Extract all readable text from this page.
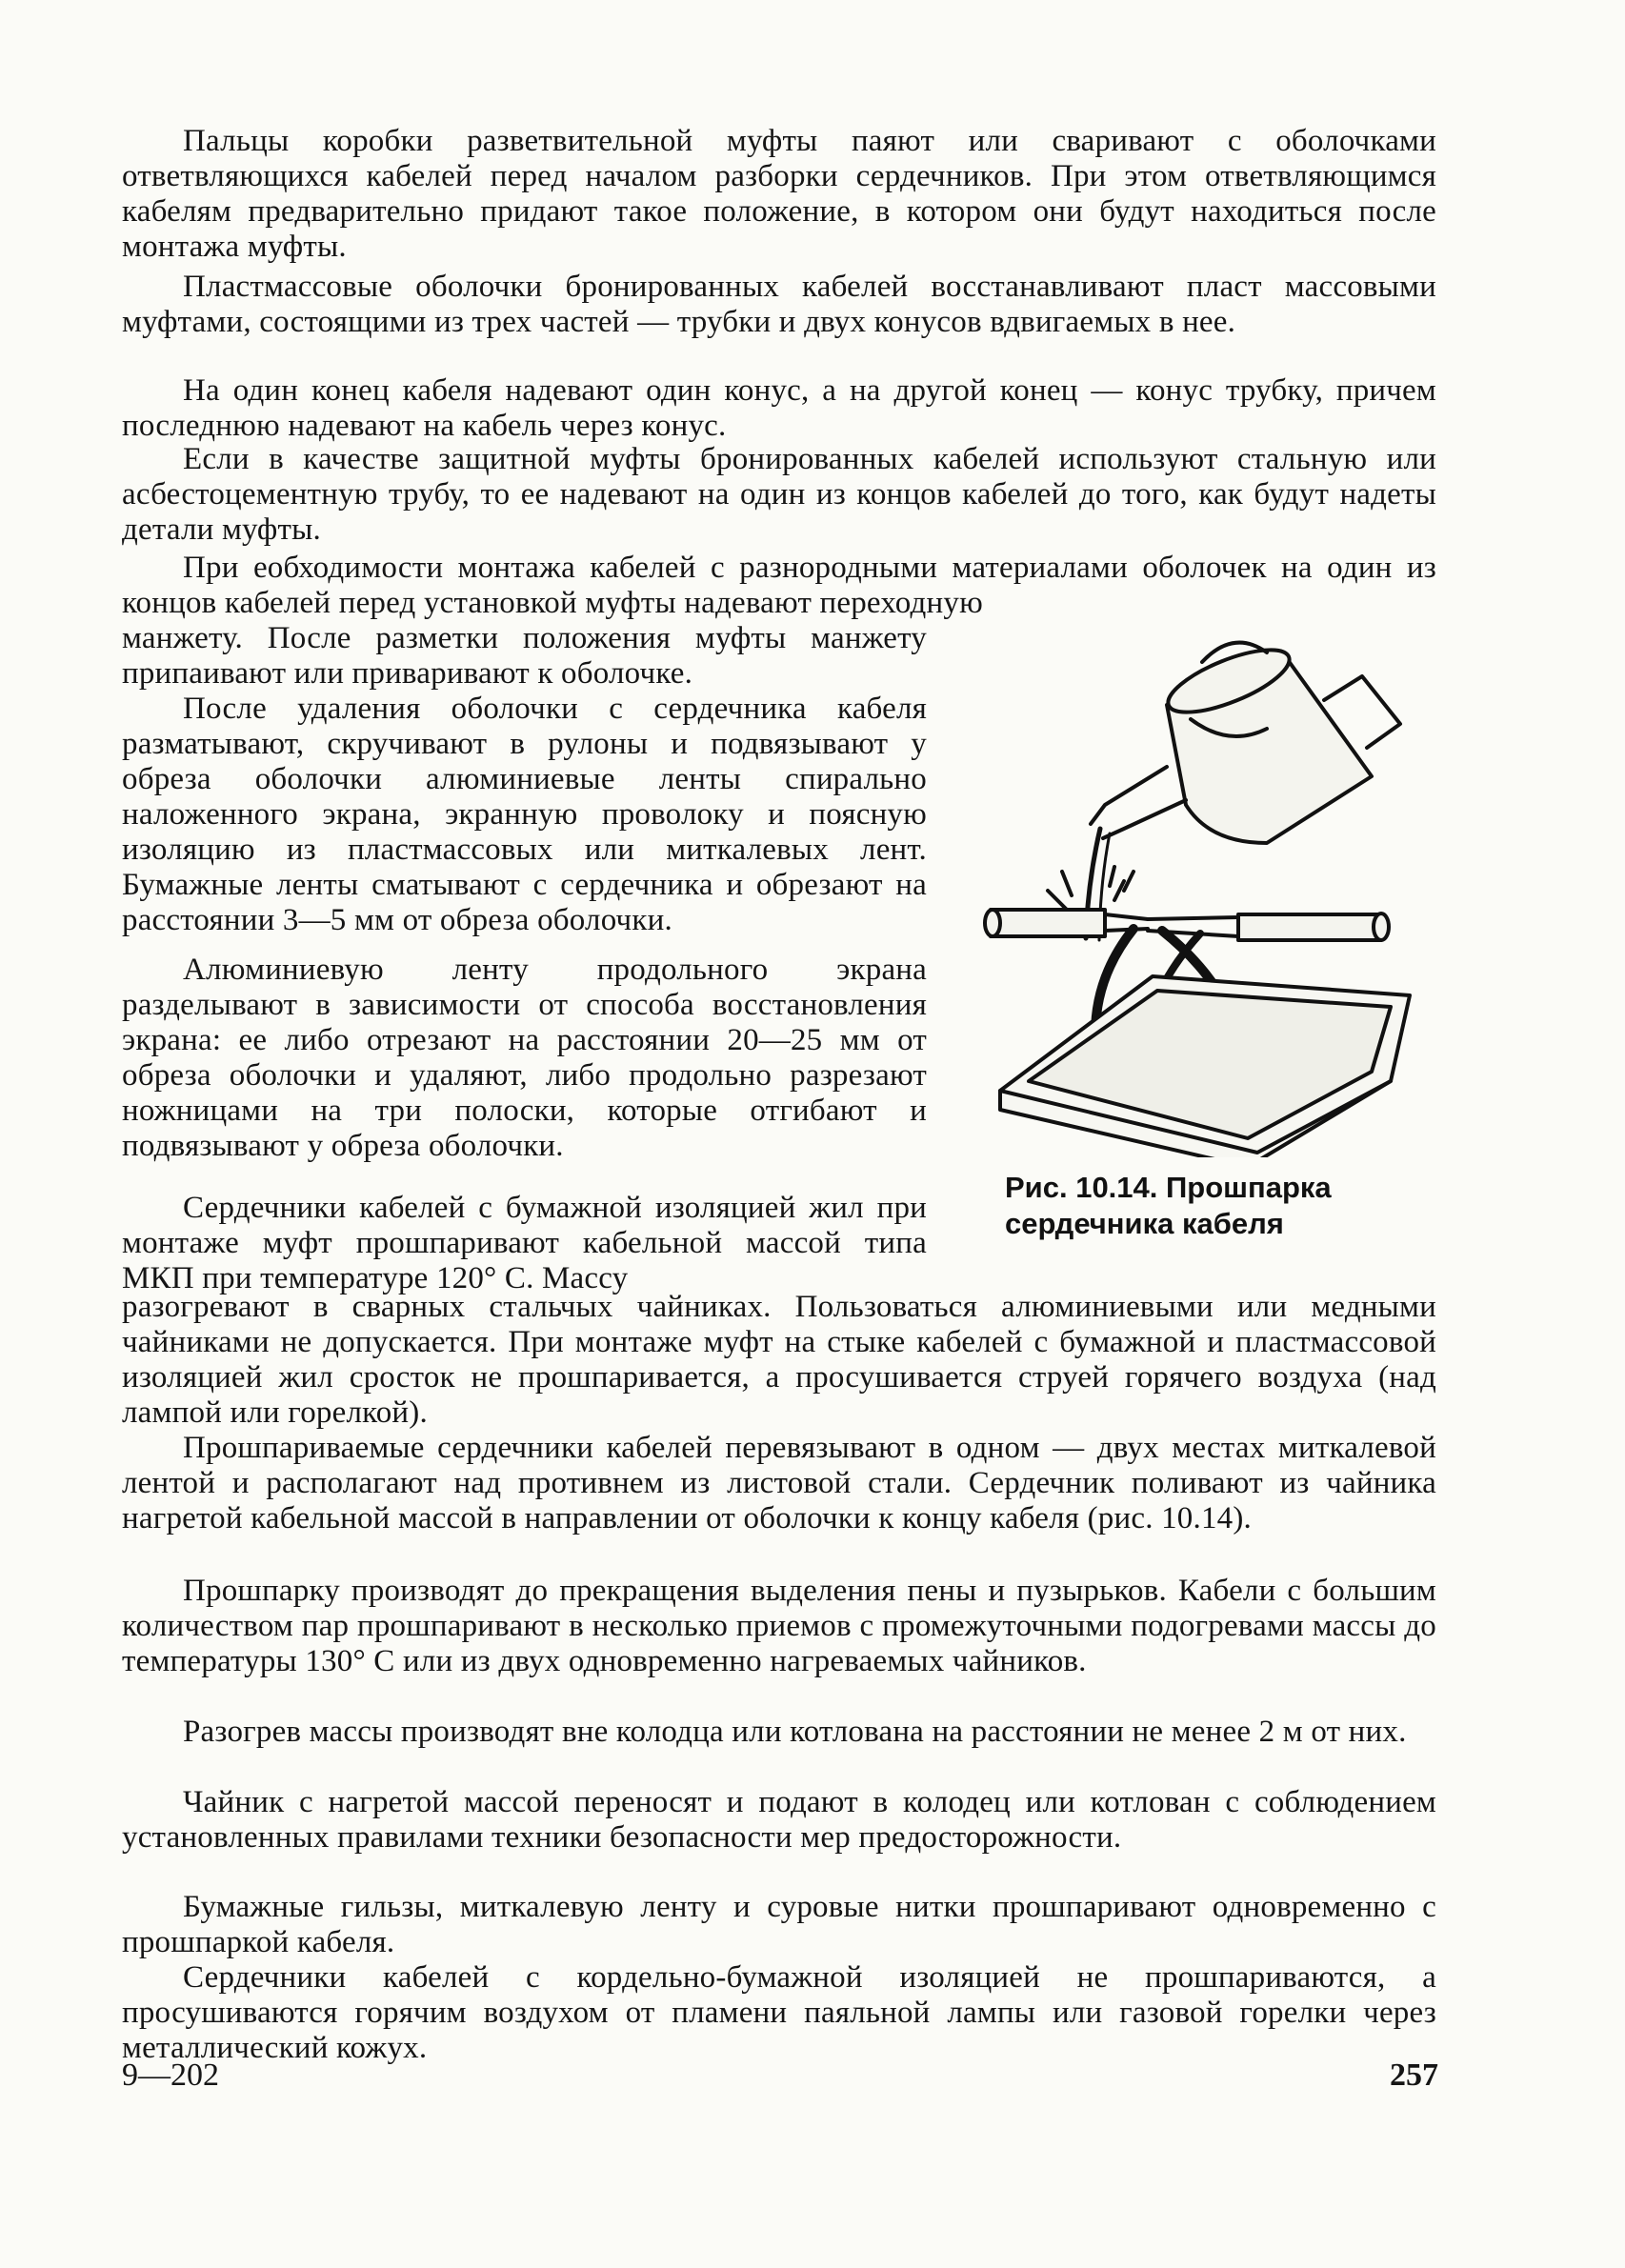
Пальцы коробки разветвительной муфты паяют или сваривают с оболочками ответвляющихся кабелей перед началом разборки сердечников. При этом ответвляющимся кабелям предварительно придают такое положение, в котором они будут находиться после монтажа муфты.

Пластмассовые оболочки бронированных кабелей восстанавливают пласт массовыми муфтами, состоящими из трех частей — трубки и двух конусов вдвигаемых в нее.

На один конец кабеля надевают один конус, а на другой конец — конус трубку, причем последнюю надевают на кабель через конус.

Если в качестве защитной муфты бронированных кабелей используют стальную или асбестоцементную трубу, то ее надевают на один из концов кабелей до того, как будут надеты детали муфты.

При еобходимости монтажа кабелей с разнородными материалами оболочек на один из концов кабелей перед установкой муфты надевают переходную

манжету. После разметки положения муфты манжету припаивают или приваривают к оболочке.

После удаления оболочки с сердечника кабеля разматывают, скручивают в рулоны и подвязывают у обреза оболочки алюминиевые ленты спирально наложенного экрана, экранную проволоку и поясную изоляцию из пластмассовых или миткалевых лент. Бумажные ленты сматывают с сердечника и обрезают на расстоянии 3—5 мм от обреза оболочки.

Алюминиевую ленту продольного экрана разделывают в зависимости от способа восстановления экрана: ее либо отрезают на расстоянии 20—25 мм от обреза оболочки и удаляют, либо продольно разрезают ножницами на три полоски, которые отгибают и подвязывают у обреза оболочки.

Сердечники кабелей с бумажной изоляцией жил при монтаже муфт прошпаривают кабельной массой типа МКП при температуре 120° С. Массу

разогревают в сварных стальчых чайниках. Пользоваться алюминиевыми или медными чайниками не допускается. При монтаже муфт на стыке кабелей с бумажной и пластмассовой изоляцией жил сросток не прошпаривается, а просушивается струей горячего воздуха (над лампой или горелкой).

Прошпариваемые сердечники кабелей перевязывают в одном — двух местах миткалевой лентой и располагают над противнем из листовой стали. Сердечник поливают из чайника нагретой кабельной массой в направлении от оболочки к концу кабеля (рис. 10.14).

Прошпарку производят до прекращения выделения пены и пузырьков. Кабели с большим количеством пар прошпаривают в несколько приемов с промежуточными подогревами массы до температуры 130° С или из двух одновременно нагреваемых чайников.

Разогрев массы производят вне колодца или котлована на расстоянии не менее 2 м от них.

Чайник с нагретой массой переносят и подают в колодец или котлован с соблюдением установленных правилами техники безопасности мер предосторожности.

Бумажные гильзы, миткалевую ленту и суровые нитки прошпаривают одновременно с прошпаркой кабеля.

Сердечники кабелей с кордельно-бумажной изоляцией не прошпариваются, а просушиваются горячим воздухом от пламени паяльной лампы или газовой горелки через металлический кожух.

Рис. 10.14. Прошпарка
сердечника кабеля
9—202	257
